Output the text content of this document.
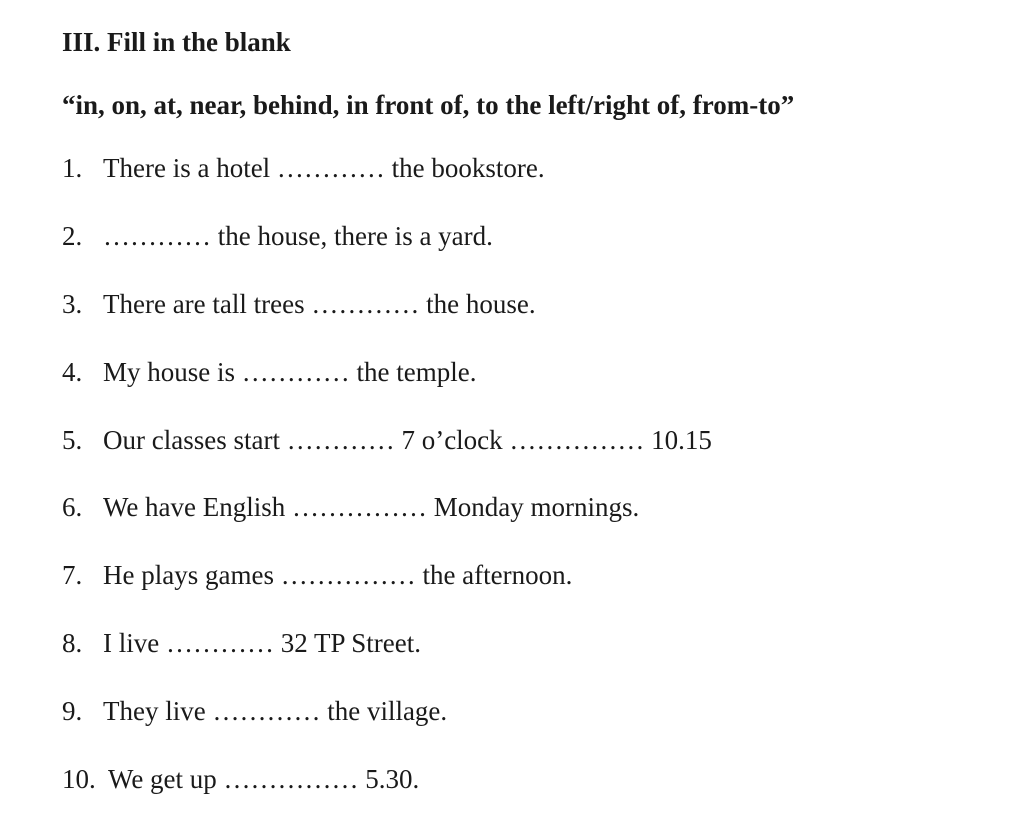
III. Fill in the blank
“in, on, at, near, behind, in front of, to the left/right of, from-to”
1. There is a hotel ………… the bookstore.
2. ………… the house, there is a yard.
3. There are tall trees ………… the house.
4. My house is ………… the temple.
5. Our classes start ………… 7 o’clock …………… 10.15
6. We have English …………… Monday mornings.
7. He plays games …………… the afternoon.
8. I live ………… 32 TP Street.
9. They live ………… the village.
10. We get up …………… 5.30.
